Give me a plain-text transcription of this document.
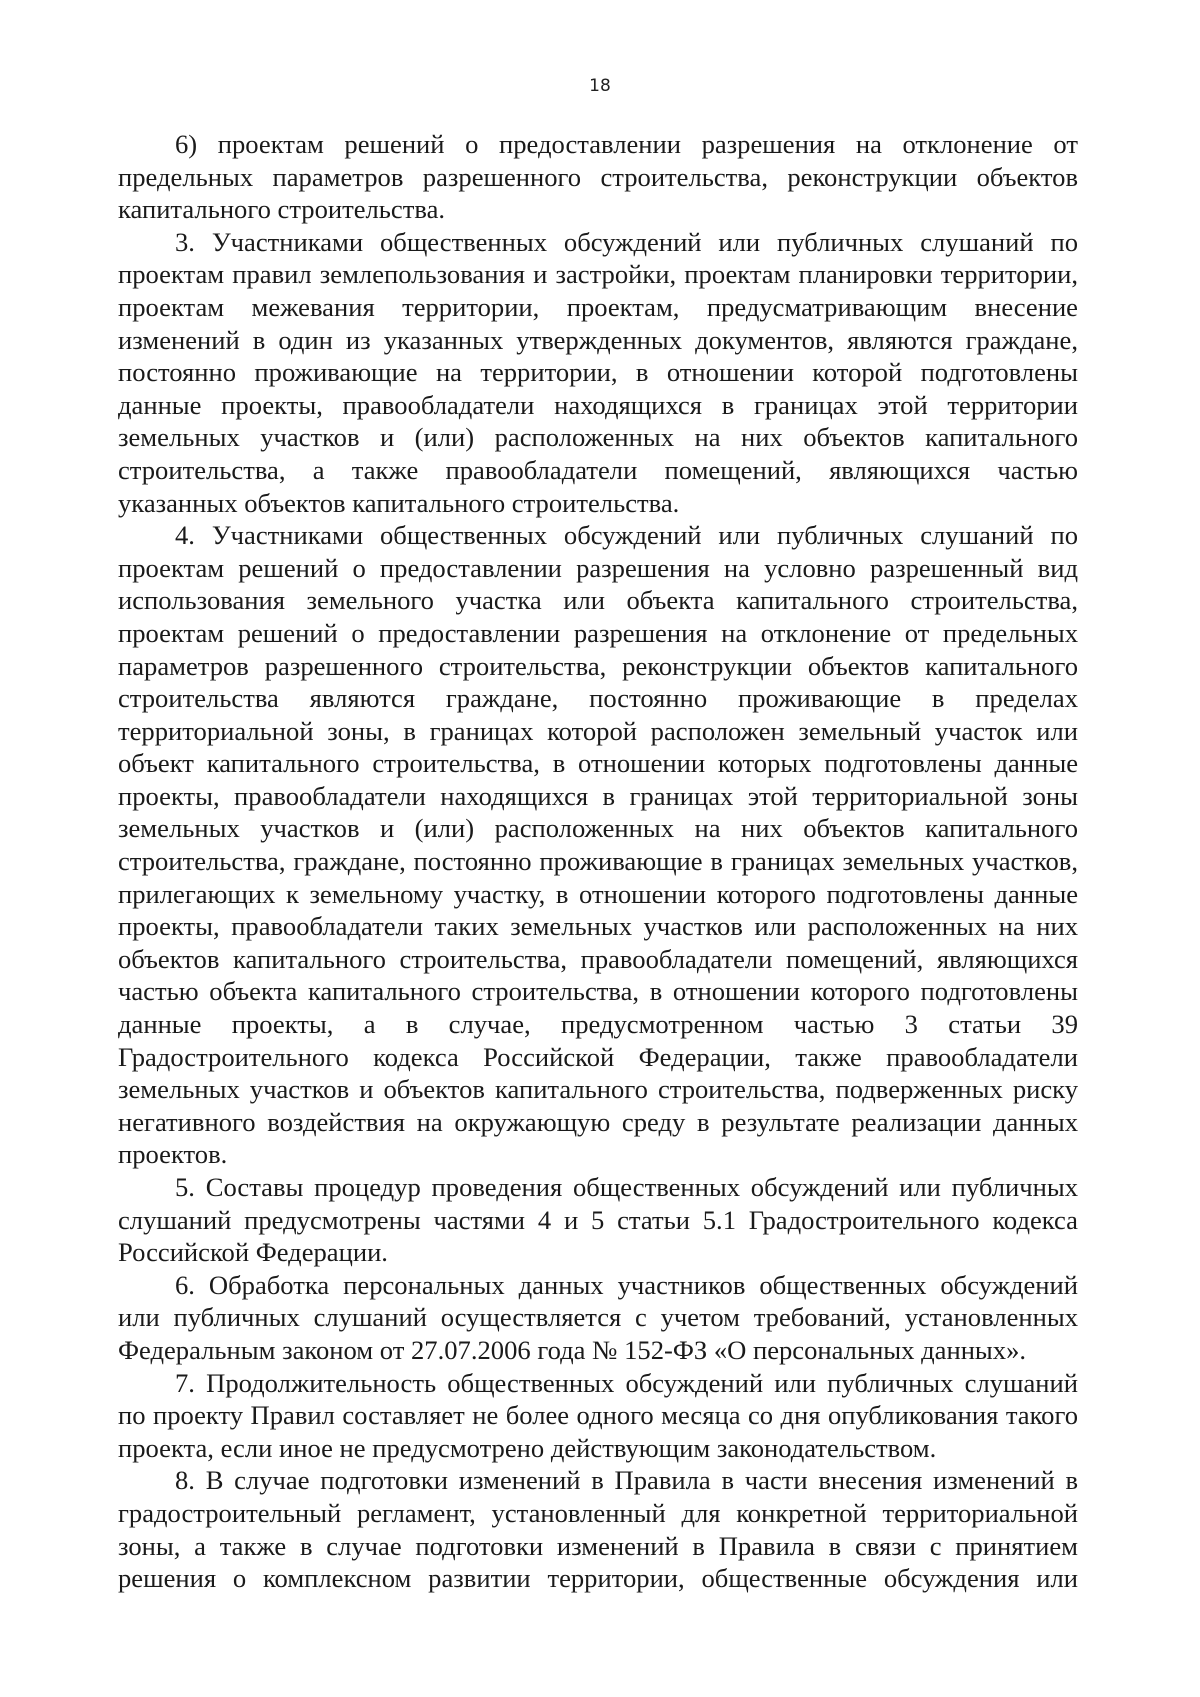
18

6) проектам решений о предоставлении разрешения на отклонение от предельных параметров разрешенного строительства, реконструкции объектов капитального строительства.

3. Участниками общественных обсуждений или публичных слушаний по проектам правил землепользования и застройки, проектам планировки территории, проектам межевания территории, проектам, предусматривающим внесение изменений в один из указанных утвержденных документов, являются граждане, постоянно проживающие на территории, в отношении которой подготовлены данные проекты, правообладатели находящихся в границах этой территории земельных участков и (или) расположенных на них объектов капитального строительства, а также правообладатели помещений, являющихся частью указанных объектов капитального строительства.

4. Участниками общественных обсуждений или публичных слушаний по проектам решений о предоставлении разрешения на условно разрешенный вид использования земельного участка или объекта капитального строительства, проектам решений о предоставлении разрешения на отклонение от предельных параметров разрешенного строительства, реконструкции объектов капитального строительства являются граждане, постоянно проживающие в пределах территориальной зоны, в границах которой расположен земельный участок или объект капитального строительства, в отношении которых подготовлены данные проекты, правообладатели находящихся в границах этой территориальной зоны земельных участков и (или) расположенных на них объектов капитального строительства, граждане, постоянно проживающие в границах земельных участков, прилегающих к земельному участку, в отношении которого подготовлены данные проекты, правообладатели таких земельных участков или расположенных на них объектов капитального строительства, правообладатели помещений, являющихся частью объекта капитального строительства, в отношении которого подготовлены данные проекты, а в случае, предусмотренном частью 3 статьи 39 Градостроительного кодекса Российской Федерации, также правообладатели земельных участков и объектов капитального строительства, подверженных риску негативного воздействия на окружающую среду в результате реализации данных проектов.

5. Составы процедур проведения общественных обсуждений или публичных слушаний предусмотрены частями 4 и 5 статьи 5.1 Градостроительного кодекса Российской Федерации.

6. Обработка персональных данных участников общественных обсуждений или публичных слушаний осуществляется с учетом требований, установленных Федеральным законом от 27.07.2006 года № 152-ФЗ «О персональных данных».

7. Продолжительность общественных обсуждений или публичных слушаний по проекту Правил составляет не более одного месяца со дня опубликования такого проекта, если иное не предусмотрено действующим законодательством.

8. В случае подготовки изменений в Правила в части внесения изменений в градостроительный регламент, установленный для конкретной территориальной зоны, а также в случае подготовки изменений в Правила в связи с принятием решения о комплексном развитии территории, общественные обсуждения или
